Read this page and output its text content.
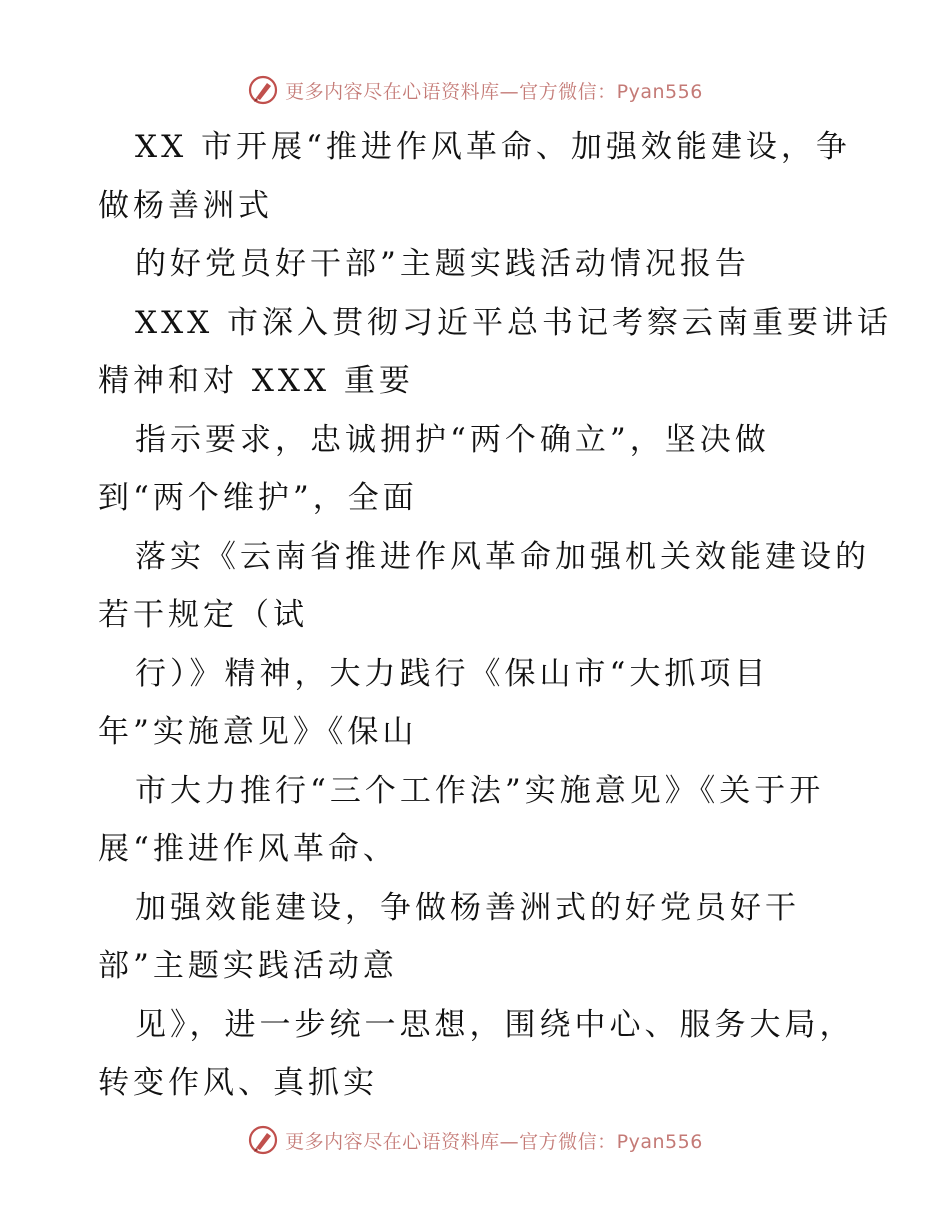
更多内容尽在心语资料库—官方微信：Pyan556
XX 市开展“推进作风革命、加强效能建设，争
做杨善洲式
的好党员好干部”主题实践活动情况报告
XXX 市深入贯彻习近平总书记考察云南重要讲话
精神和对 XXX 重要
指示要求，忠诚拥护“两个确立”，坚决做
到“两个维护”，全面
落实《云南省推进作风革命加强机关效能建设的
若干规定（试
行）》精神，大力践行《保山市“大抓项目
年”实施意见》《保山
市大力推行“三个工作法”实施意见》《关于开
展“推进作风革命、
加强效能建设，争做杨善洲式的好党员好干
部”主题实践活动意
见》，进一步统一思想，围绕中心、服务大局，
转变作风、真抓实
更多内容尽在心语资料库—官方微信：Pyan556
